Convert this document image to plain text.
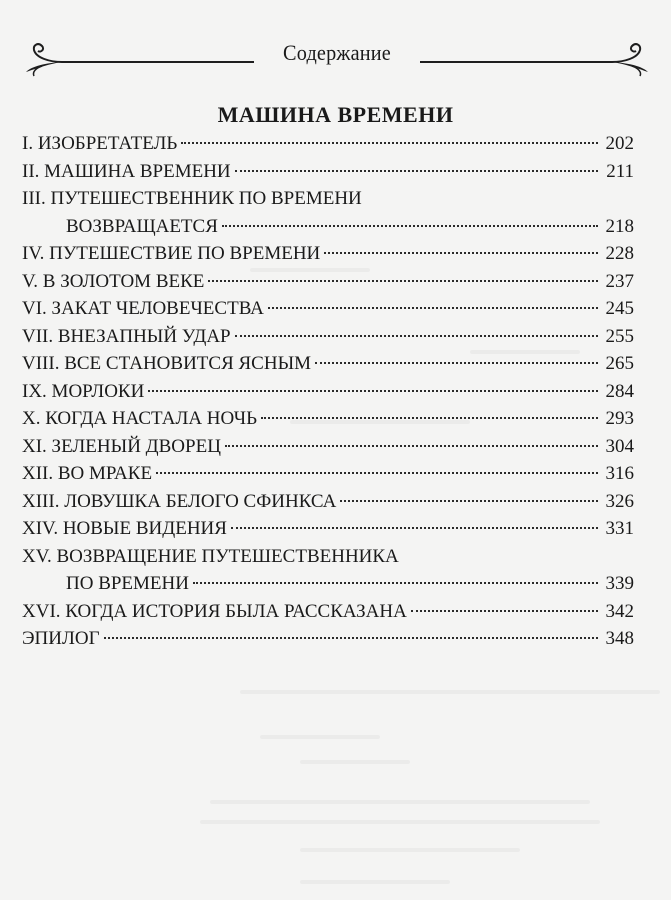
Содержание
МАШИНА ВРЕМЕНИ
I. ИЗОБРЕТАТЕЛЬ	202
II. МАШИНА ВРЕМЕНИ	211
III. ПУТЕШЕСТВЕННИК ПО ВРЕМЕНИ
ВОЗВРАЩАЕТСЯ	218
IV. ПУТЕШЕСТВИЕ ПО ВРЕМЕНИ	228
V. В ЗОЛОТОМ ВЕКЕ	237
VI. ЗАКАТ ЧЕЛОВЕЧЕСТВА	245
VII. ВНЕЗАПНЫЙ УДАР	255
VIII. ВСЕ СТАНОВИТСЯ ЯСНЫМ	265
IX. МОРЛОКИ	284
X. КОГДА НАСТАЛА НОЧЬ	293
XI. ЗЕЛЕНЫЙ ДВОРЕЦ	304
XII. ВО МРАКЕ	316
XIII. ЛОВУШКА БЕЛОГО СФИНКСА	326
XIV. НОВЫЕ ВИДЕНИЯ	331
XV. ВОЗВРАЩЕНИЕ ПУТЕШЕСТВЕННИКА
ПО ВРЕМЕНИ	339
XVI. КОГДА ИСТОРИЯ БЫЛА РАССКАЗАНА	342
ЭПИЛОГ	348
